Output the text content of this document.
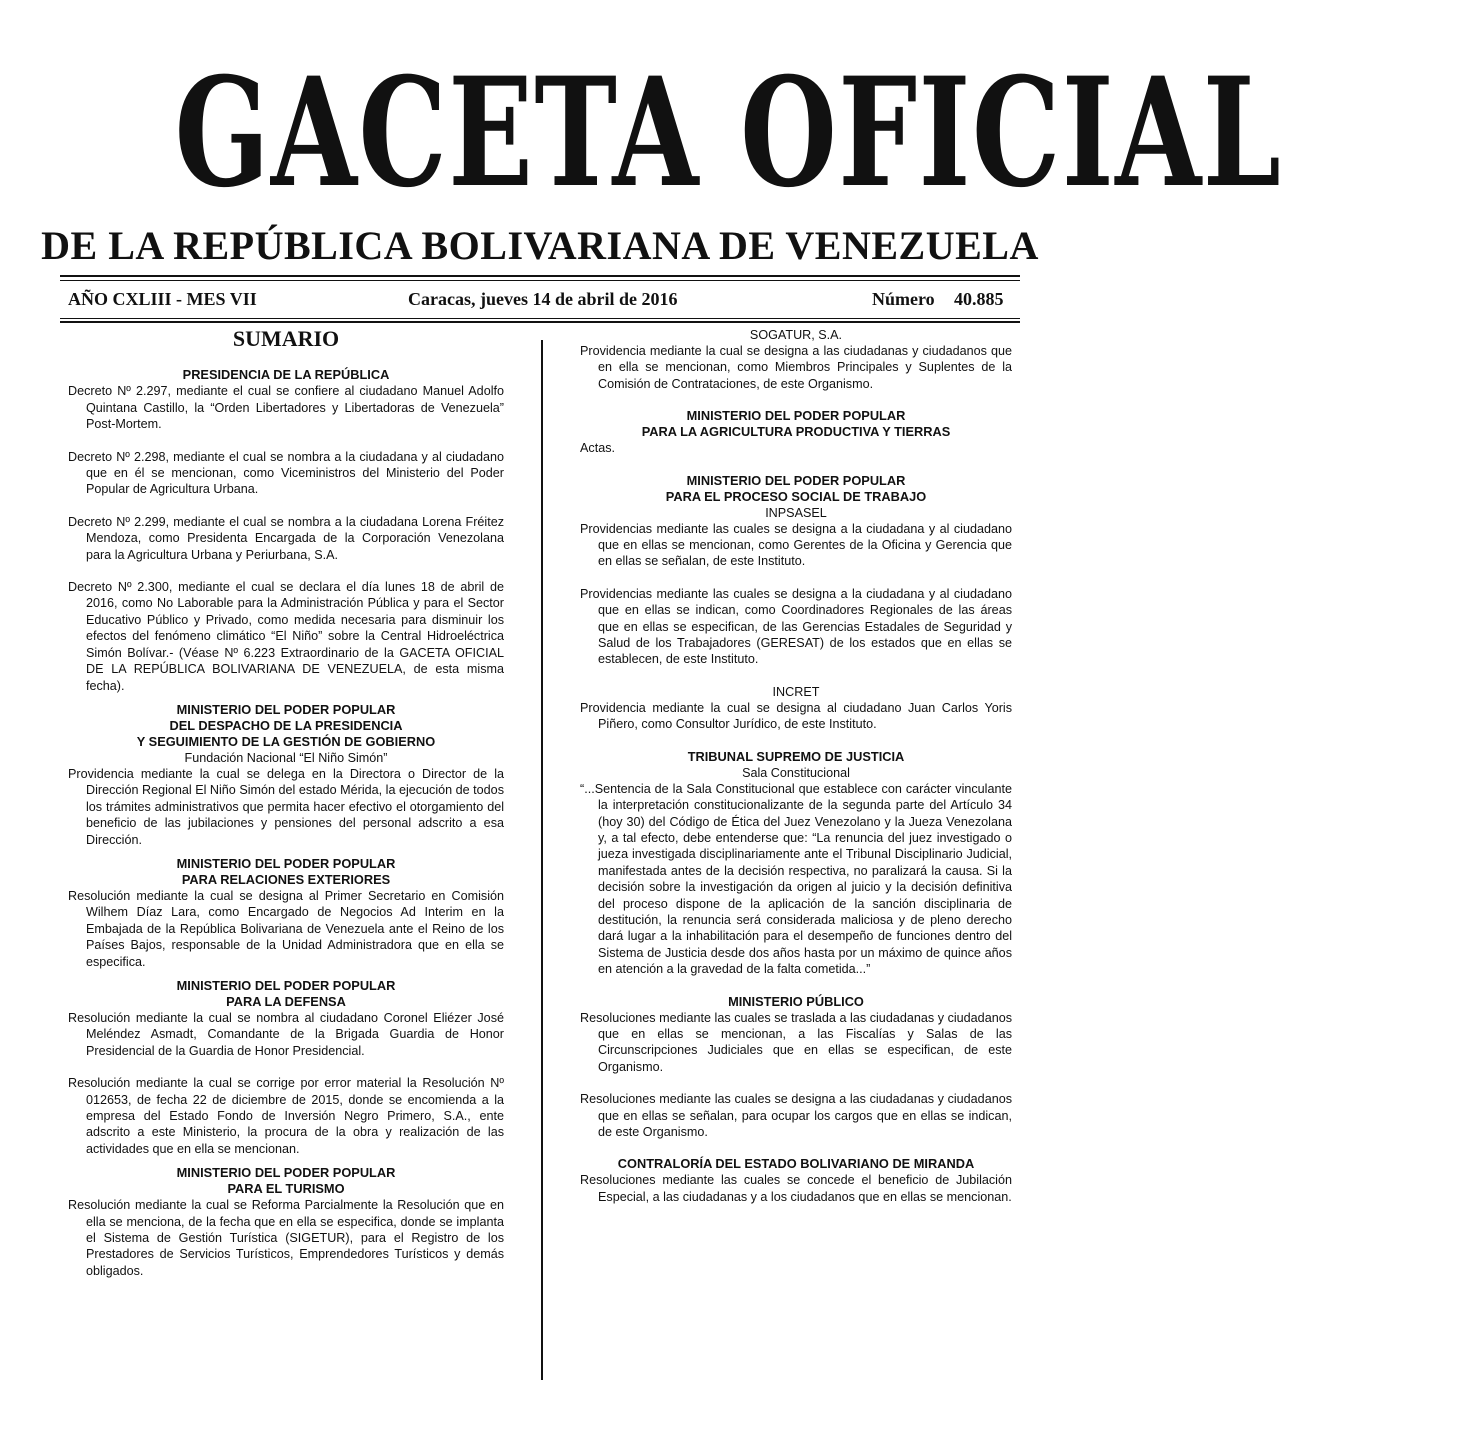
GACETA OFICIAL
DE LA REPÚBLICA BOLIVARIANA DE VENEZUELA
AÑO CXLIII - MES VII	Caracas, jueves 14 de abril de 2016	Número 40.885
SUMARIO
PRESIDENCIA DE LA REPÚBLICA

Decreto Nº 2.297, mediante el cual se confiere al ciudadano Manuel Adolfo Quintana Castillo, la “Orden Libertadores y Libertadoras de Venezuela” Post-Mortem.

Decreto Nº 2.298, mediante el cual se nombra a la ciudadana y al ciudadano que en él se mencionan, como Viceministros del Ministerio del Poder Popular de Agricultura Urbana.

Decreto Nº 2.299, mediante el cual se nombra a la ciudadana Lorena Fréitez Mendoza, como Presidenta Encargada de la Corporación Venezolana para la Agricultura Urbana y Periurbana, S.A.

Decreto Nº 2.300, mediante el cual se declara el día lunes 18 de abril de 2016, como No Laborable para la Administración Pública y para el Sector Educativo Público y Privado, como medida necesaria para disminuir los efectos del fenómeno climático “El Niño” sobre la Central Hidroeléctrica Simón Bolívar.- (Véase Nº 6.223 Extraordinario de la GACETA OFICIAL DE LA REPÚBLICA BOLIVARIANA DE VENEZUELA, de esta misma fecha).

MINISTERIO DEL PODER POPULAR
DEL DESPACHO DE LA PRESIDENCIA
Y SEGUIMIENTO DE LA GESTIÓN DE GOBIERNO
Fundación Nacional “El Niño Simón”

Providencia mediante la cual se delega en la Directora o Director de la Dirección Regional El Niño Simón del estado Mérida, la ejecución de todos los trámites administrativos que permita hacer efectivo el otorgamiento del beneficio de las jubilaciones y pensiones del personal adscrito a esa Dirección.

MINISTERIO DEL PODER POPULAR
PARA RELACIONES EXTERIORES

Resolución mediante la cual se designa al Primer Secretario en Comisión Wilhem Díaz Lara, como Encargado de Negocios Ad Interim en la Embajada de la República Bolivariana de Venezuela ante el Reino de los Países Bajos, responsable de la Unidad Administradora que en ella se especifica.

MINISTERIO DEL PODER POPULAR
PARA LA DEFENSA

Resolución mediante la cual se nombra al ciudadano Coronel Eliézer José Meléndez Asmadt, Comandante de la Brigada Guardia de Honor Presidencial de la Guardia de Honor Presidencial.

Resolución mediante la cual se corrige por error material la Resolución Nº 012653, de fecha 22 de diciembre de 2015, donde se encomienda a la empresa del Estado Fondo de Inversión Negro Primero, S.A., ente adscrito a este Ministerio, la procura de la obra y realización de las actividades que en ella se mencionan.

MINISTERIO DEL PODER POPULAR
PARA EL TURISMO

Resolución mediante la cual se Reforma Parcialmente la Resolución que en ella se menciona, de la fecha que en ella se especifica, donde se implanta el Sistema de Gestión Turística (SIGETUR), para el Registro de los Prestadores de Servicios Turísticos, Emprendedores Turísticos y demás obligados.

SOGATUR, S.A.

Providencia mediante la cual se designa a las ciudadanas y ciudadanos que en ella se mencionan, como Miembros Principales y Suplentes de la Comisión de Contrataciones, de este Organismo.

MINISTERIO DEL PODER POPULAR
PARA LA AGRICULTURA PRODUCTIVA Y TIERRAS

Actas.

MINISTERIO DEL PODER POPULAR
PARA EL PROCESO SOCIAL DE TRABAJO
INPSASEL

Providencias mediante las cuales se designa a la ciudadana y al ciudadano que en ellas se mencionan, como Gerentes de la Oficina y Gerencia que en ellas se señalan, de este Instituto.

Providencias mediante las cuales se designa a la ciudadana y al ciudadano que en ellas se indican, como Coordinadores Regionales de las áreas que en ellas se especifican, de las Gerencias Estadales de Seguridad y Salud de los Trabajadores (GERESAT) de los estados que en ellas se establecen, de este Instituto.

INCRET

Providencia mediante la cual se designa al ciudadano Juan Carlos Yoris Piñero, como Consultor Jurídico, de este Instituto.

TRIBUNAL SUPREMO DE JUSTICIA
Sala Constitucional

“...Sentencia de la Sala Constitucional que establece con carácter vinculante la interpretación constitucionalizante de la segunda parte del Artículo 34 (hoy 30) del Código de Ética del Juez Venezolano y la Jueza Venezolana y, a tal efecto, debe entenderse que: “La renuncia del juez investigado o jueza investigada disciplinariamente ante el Tribunal Disciplinario Judicial, manifestada antes de la decisión respectiva, no paralizará la causa. Si la decisión sobre la investigación da origen al juicio y la decisión definitiva del proceso dispone de la aplicación de la sanción disciplinaria de destitución, la renuncia será considerada maliciosa y de pleno derecho dará lugar a la inhabilitación para el desempeño de funciones dentro del Sistema de Justicia desde dos años hasta por un máximo de quince años en atención a la gravedad de la falta cometida...”

MINISTERIO PÚBLICO

Resoluciones mediante las cuales se traslada a las ciudadanas y ciudadanos que en ellas se mencionan, a las Fiscalías y Salas de las Circunscripciones Judiciales que en ellas se especifican, de este Organismo.

Resoluciones mediante las cuales se designa a las ciudadanas y ciudadanos que en ellas se señalan, para ocupar los cargos que en ellas se indican, de este Organismo.

CONTRALORÍA DEL ESTADO BOLIVARIANO DE MIRANDA

Resoluciones mediante las cuales se concede el beneficio de Jubilación Especial, a las ciudadanas y a los ciudadanos que en ellas se mencionan.
